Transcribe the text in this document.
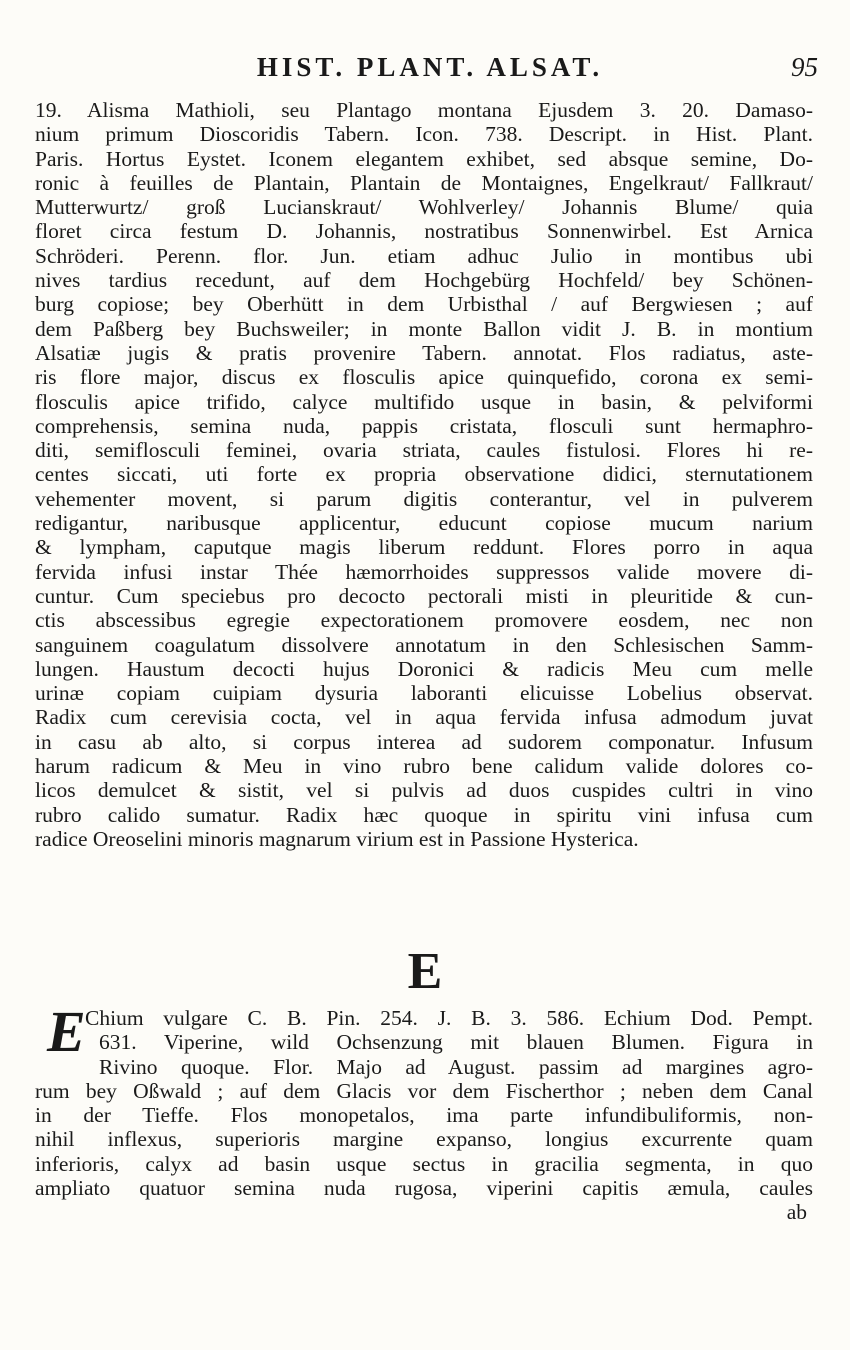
HIST. PLANT. ALSAT.	95
19. Alisma Mathioli, seu Plantago montana Ejusdem 3. 20. Damaso-
nium primum Dioscoridis Tabern. Icon. 738. Descript. in Hist. Plant.
Paris. Hortus Eystet. Iconem elegantem exhibet, sed absque semine, Do-
ronic à feuilles de Plantain, Plantain de Montaignes, Engelkraut/ Fallkraut/
Mutterwurtz/ groß Lucianskraut/ Wohlverley/ Johannis Blume/ quia
floret circa festum D. Johannis, nostratibus Sonnenwirbel. Est Arnica
Schröderi. Perenn. flor. Jun. etiam adhuc Julio in montibus ubi
nives tardius recedunt, auf dem Hochgebürg Hochfeld/ bey Schönen-
burg copiose; bey Oberhütt in dem Urbisthal / auf Bergwiesen ; auf
dem Paßberg bey Buchsweiler; in monte Ballon vidit J. B. in montium
Alsatiæ jugis & pratis provenire Tabern. annotat. Flos radiatus, aste-
ris flore major, discus ex flosculis apice quinquefido, corona ex semi-
flosculis apice trifido, calyce multifido usque in basin, & pelviformi
comprehensis, semina nuda, pappis cristata, flosculi sunt hermaphro-
diti, semiflosculi feminei, ovaria striata, caules fistulosi. Flores hi re-
centes siccati, uti forte ex propria observatione didici, sternutationem
vehementer movent, si parum digitis conterantur, vel in pulverem
redigantur, naribusque applicentur, educunt copiose mucum narium
& lympham, caputque magis liberum reddunt. Flores porro in aqua
fervida infusi instar Thée hæmorrhoides suppressos valide movere di-
cuntur. Cum speciebus pro decocto pectorali misti in pleuritide & cun-
ctis abscessibus egregie expectorationem promovere eosdem, nec non
sanguinem coagulatum dissolvere annotatum in den Schlesischen Samm-
lungen. Haustum decocti hujus Doronici & radicis Meu cum melle
urinæ copiam cuipiam dysuria laboranti elicuisse Lobelius observat.
Radix cum cerevisia cocta, vel in aqua fervida infusa admodum juvat
in casu ab alto, si corpus interea ad sudorem componatur. Infusum
harum radicum & Meu in vino rubro bene calidum valide dolores co-
licos demulcet & sistit, vel si pulvis ad duos cuspides cultri in vino
rubro calido sumatur. Radix hæc quoque in spiritu vini infusa cum
radice Oreoselini minoris magnarum virium est in Passione Hysterica.
E
E Chium vulgare C. B. Pin. 254. J. B. 3. 586. Echium Dod. Pempt.
631. Viperine, wild Ochsenzung mit blauen Blumen. Figura in
Rivino quoque. Flor. Majo ad August. passim ad margines agro-
rum bey Oßwald ; auf dem Glacis vor dem Fischerthor ; neben dem Canal
in der Tieffe. Flos monopetalos, ima parte infundibuliformis, non-
nihil inflexus, superioris margine expanso, longius excurrente quam
inferioris, calyx ad basin usque sectus in gracilia segmenta, in quo
ampliato quatuor semina nuda rugosa, viperini capitis æmula, caules
ab
